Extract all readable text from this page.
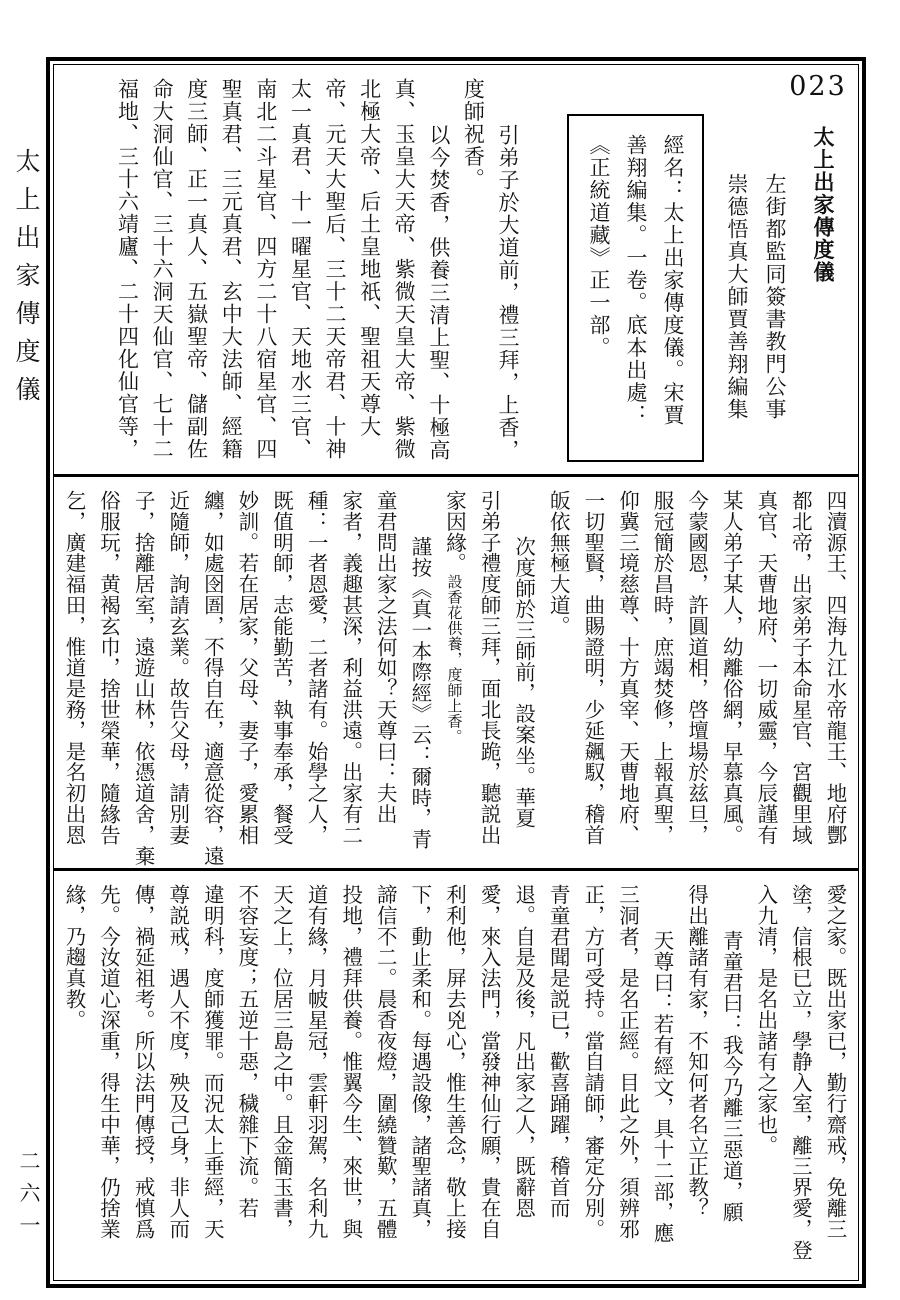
太上出家傳度儀
二六一
023
太上出家傳度儀
左街都監同簽書教門公事
崇德悟真大師賈善翔編集
經名：太上出家傳度儀。宋賈
善翔編集。一卷。底本出處：
《正統道藏》正一部。
引弟子於大道前，禮三拜，上香，
度師祝香。
以今焚香，供養三清上聖、十極高
真、玉皇大天帝、紫微天皇大帝、紫微
北極大帝、后土皇地祇、聖祖天尊大
帝、元天大聖后、三十二天帝君、十神
太一真君、十一曜星官、天地水三官、
南北二斗星官、四方二十八宿星官、四
聖真君、三元真君、玄中大法師、經籍
度三師、正一真人、五嶽聖帝、儲副佐
命大洞仙官、三十六洞天仙官、七十二
福地、三十六靖廬、二十四化仙官等，
四瀆源王、四海九江水帝龍王、地府酆
都北帝，出家弟子本命星官、宮觀里域
真官、天曹地府、一切威靈，今辰謹有
某人弟子某人，幼離俗網，早慕真風。
今蒙國恩，許圓道相，啓壇場於兹旦，
服冠簡於昌時，庶竭焚修，上報真聖，
仰冀三境慈尊、十方真宰、天曹地府、
一切聖賢，曲賜證明，少延飆馭，稽首
皈依無極大道。
次度師於三師前，設案坐。華夏
引弟子禮度師三拜，面北長跪，聽説出
家因緣。設香花供養，度師上香。
謹按《真一本際經》云：爾時，青
童君問出家之法何如？天尊曰：夫出
家者，義趣甚深，利益洪遠。出家有二
種：一者恩愛，二者諸有。始學之人，
既值明師，志能勤苦，執事奉承，餐受
妙訓。若在居家，父母、妻子，愛累相
纏，如處囹圄，不得自在，適意從容，遠
近隨師，詢請玄業。故告父母，請別妻
子，捨離居室，遠遊山林，依憑道舍，棄
俗服玩，黄褐玄巾，捨世榮華，隨緣告
乞，廣建福田，惟道是務，是名初出恩
愛之家。既出家已，勤行齋戒，免離三
塗，信根已立，學静入室，離三界愛，登
入九清，是名出諸有之家也。
青童君曰：我今乃離三惡道，願
得出離諸有家，不知何者名立正教？
天尊曰：若有經文，具十二部，應
三洞者，是名正經。目此之外，須辨邪
正，方可受持。當自請師，審定分別。
青童君聞是説已，歡喜踊躍，稽首而
退。自是及後，凡出家之人，既辭恩
愛，來入法門，當發神仙行願，貴在自
利利他，屏去兇心，惟生善念，敬上接
下，動止柔和。每遇設像，諸聖諸真，
諦信不二。晨香夜燈，圍繞贊歎，五體
投地，禮拜供養。惟翼今生、來世，與
道有緣，月帔星冠，雲軒羽駕，名利九
天之上，位居三島之中。且金簡玉書，
不容妄度；五逆十惡，穢雜下流。若
違明科，度師獲罪。而況太上垂經，天
尊説戒，遇人不度，殃及己身，非人而
傳，禍延祖考。所以法門傳授，戒慎爲
先。今汝道心深重，得生中華，仍捨業
緣，乃趨真教。
